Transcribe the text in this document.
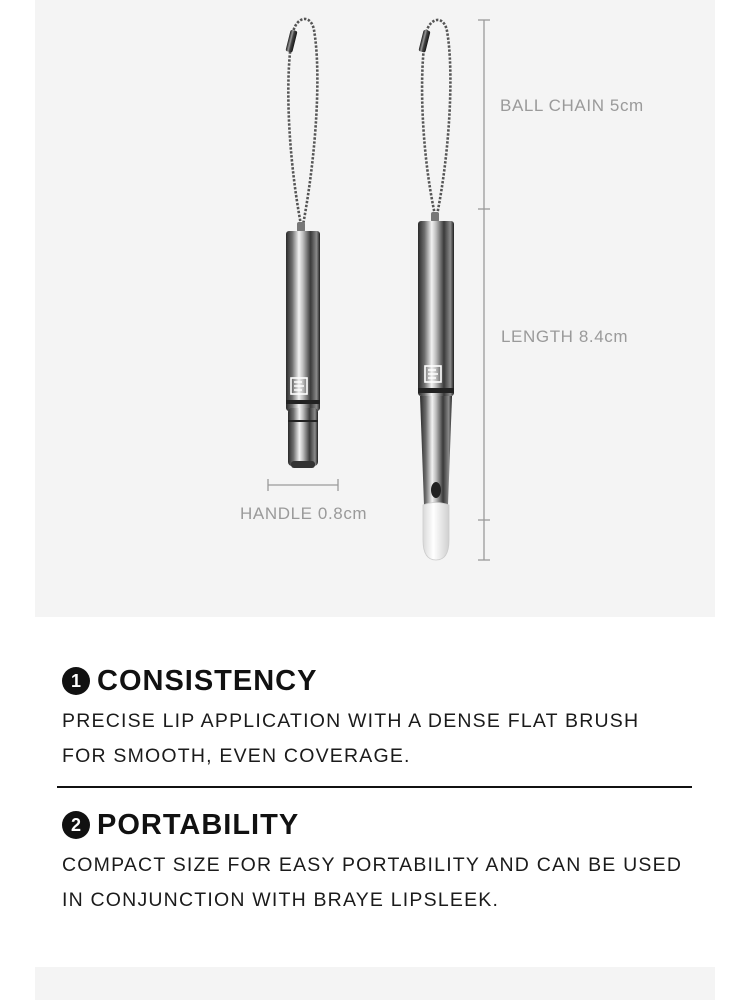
BALL CHAIN 5cm
LENGTH 8.4cm
HANDLE 0.8cm
1 CONSISTENCY
PRECISE LIP APPLICATION WITH A DENSE FLAT BRUSH
FOR SMOOTH, EVEN COVERAGE.
2 PORTABILITY
COMPACT SIZE FOR EASY PORTABILITY AND CAN BE USED
IN CONJUNCTION WITH BRAYE LIPSLEEK.
